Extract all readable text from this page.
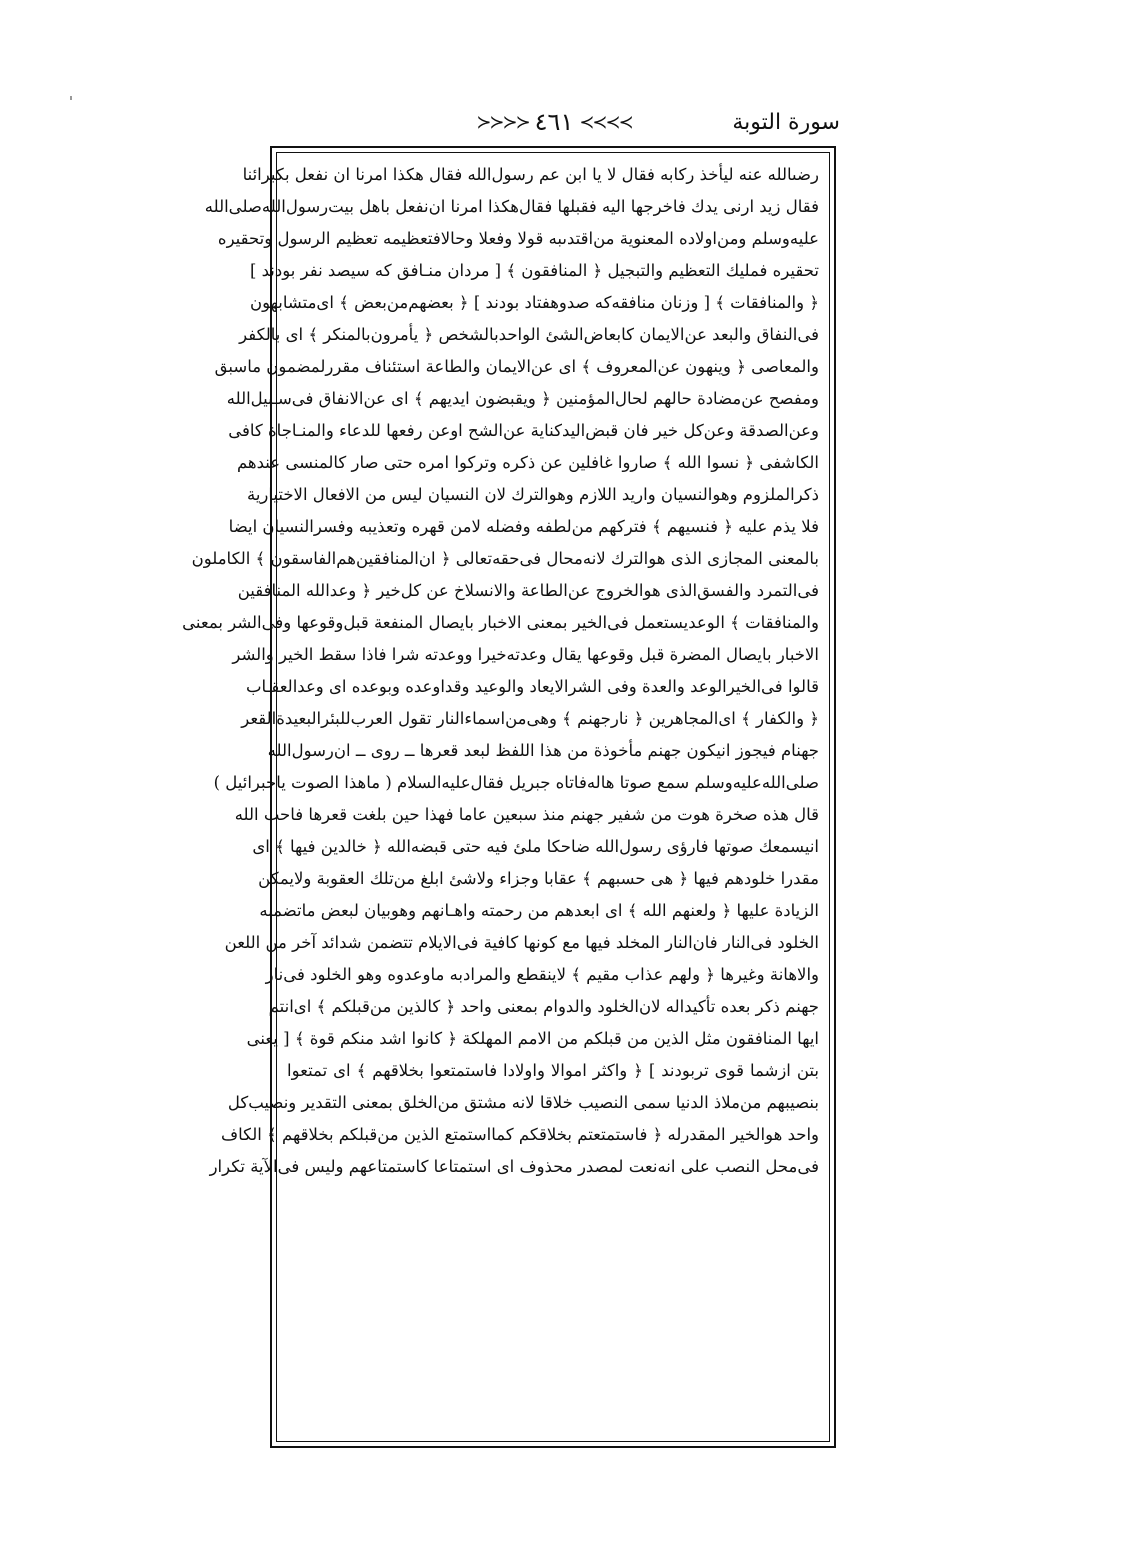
سورة التوبة
≻≻≻≻ ٤٦١ ≺≺≺≺
رضىالله عنه ليأخذ ركابه فقال لا يا ابن عم رسول‌الله فقال هكذا امرنا ان نفعل بكبرائنا
فقال زيد ارنى يدك فاخرجها اليه فقبلها فقال‌هكذا امرنا ان‌نفعل باهل بيت‌رسول‌الله‌صلى‌الله
عليه‌وسلم ومن‌اولاده المعنوية من‌اقتدىبه قولا وفعلا وحالافتعظيمه تعظيم الرسول وتحقيره
تحقيره فمليك التعظيم والتبجيل ﴿ المنافقون ﴾ [ مردان منـافق كه سيصد نفر بودند ]
﴿ والمنافقات ﴾ [ وزنان منافقه‌كه صدوهفتاد بودند ] ﴿ بعضهم‌من‌بعض ﴾ اى‌متشابهون
فى‌النفاق والبعد عن‌الايمان كابعاض‌الشئ الواحدبالشخص ﴿ يأمرون‌بالمنكر ﴾ اى بالكفر
والمعاصى ﴿ وينهون عن‌المعروف ﴾ اى عن‌الايمان والطاعة استئناف مقرر‌لمضمون ماسبق
ومفصح عن‌مضادة حالهم لحال‌المؤمنين ﴿ ويقبضون ايديهم ﴾ اى عن‌الانفاق فى‌سـبيل‌الله
وعن‌الصدقة وعن‌كل خير فان قبض‌اليد‌كناية عن‌الشح اوعن رفعها للدعاء والمنـاجاة كافى
الكاشفى ﴿ نسوا الله ﴾ صاروا غافلين عن ذكره وتركوا امره حتى صار كالمنسى عندهم
ذكر‌الملزوم وهوالنسيان واريد اللازم وهوالترك لان النسيان ليس من الافعال الاختيارية
فلا يذم عليه ﴿ فنسيهم ﴾ فتركهم من‌لطفه وفضله لامن قهره وتعذيبه وفسر‌النسيان ايضا
بالمعنى المجازى الذى هوالترك لانه‌محال فى‌حقه‌تعالى ﴿ ان‌المنافقين‌هم‌الفاسقون ﴾ الكاملون
فى‌التمرد والفسق‌الذى هوالخروج عن‌الطاعة والانسلاخ عن كل‌خير ﴿ وعدالله المنافقين
والمنافقات ﴾ الوعد‌يستعمل فى‌الخير بمعنى الاخبار بايصال المنفعة قبل‌وقوعها وفى‌الشر بمعنى
الاخبار بايصال المضرة قبل وقوعها يقال وعدته‌خيرا ووعدته شرا فاذا سقط الخير والشر
قالوا فى‌الخير‌الوعد والعدة وفى الشر‌الايعاد والوعيد وقداوعده وبوعده اى وعدالعقـاب
﴿ والكفار ﴾ اى‌المجاهرين ﴿ نارجهنم ﴾ وهى‌من‌اسماء‌النار تقول العرب‌للبئر‌البعيدة‌القعر
جهنام فيجوز انيكون جهنم مأخوذة من هذا اللفظ لبعد قعرها ــ روى ــ ان‌رسول‌الله
صلى‌الله‌عليه‌وسلم سمع صوتا هاله‌فاتاه جبريل فقال‌عليه‌السلام ( ماهذا الصوت ياجبرائيل )
قال هذه صخرة هوت من شفير جهنم منذ سبعين عاما فهذا حين بلغت قعرها فاحب الله
انيسمعك صوتها فارؤى رسول‌الله ضاحكا ملئ فيه حتى قبضه‌الله ﴿ خالدين فيها ﴾ اى
مقدرا خلودهم فيها ﴿ هى حسبهم ﴾ عقابا وجزاء ولاشئ ابلغ من‌تلك العقوبة ولايمكن
الزيادة عليها ﴿ ولعنهم الله ﴾ اى ابعدهم من رحمته واهـانهم وهوبيان لبعض ماتضمنه
الخلود فى‌النار فان‌النار المخلد فيها مع كونها كافية فى‌الايلام تتضمن شدائد آخر من اللعن
والاهانة وغيرها ﴿ ولهم عذاب مقيم ﴾ لاينقطع والمرادبه ماوعدوه وهو الخلود فى‌نار
جهنم ذكر بعده تأكيداله لان‌الخلود والدوام بمعنى واحد ﴿ كالذين من‌قبلكم ﴾ اى‌انتم
ايها المنافقون مثل الذين من قبلكم من الامم المهلكة ﴿ كانوا اشد منكم قوة ﴾ [ يعنى
بتن ازشما قوى تربودند ] ﴿ واكثر اموالا واولادا فاستمتعوا بخلاقهم ﴾ اى تمتعوا
بنصيبهم من‌ملاذ الدنيا سمى النصيب خلاقا لانه مشتق من‌الخلق بمعنى التقدير ونصيب‌كل
واحد هوالخير المقدرله ﴿ فاستمتعتم بخلاقكم كما‌استمتع الذين من‌قبلكم بخلاقهم ﴾ الكاف
فى‌محل النصب على انه‌نعت لمصدر محذوف اى استمتاعا كاستمتاعهم وليس فى‌الآية تكرار
